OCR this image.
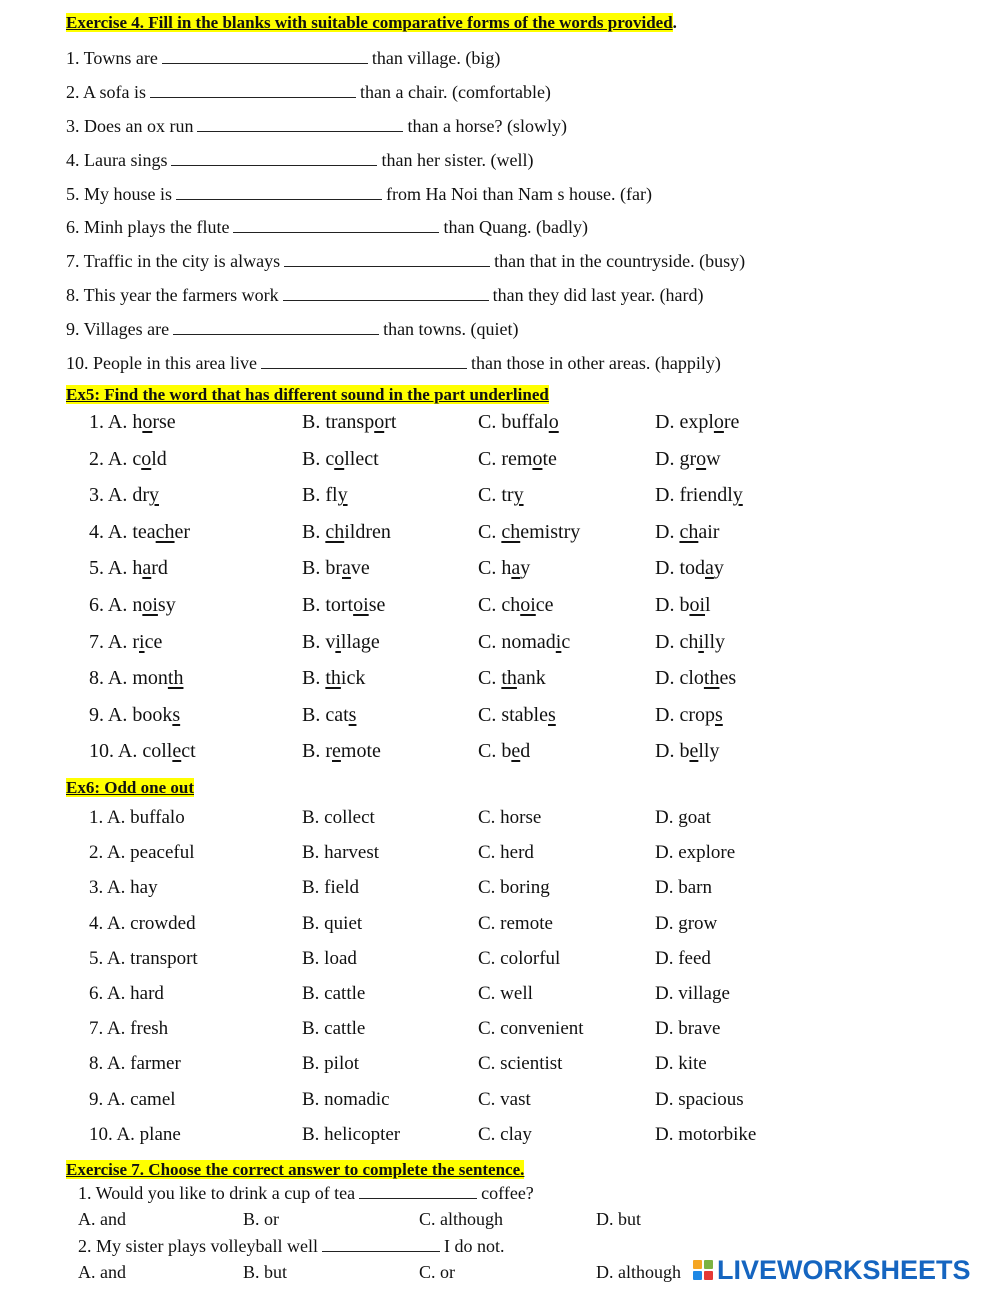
Exercise 4. Fill in the blanks with suitable comparative forms of the words provided.
1. Towns are	than village. (big)
2. A sofa is	than a chair. (comfortable)
3. Does an ox run	than a horse? (slowly)
4. Laura sings	than her sister. (well)
5. My house is	from Ha Noi than Nam s house. (far)
6. Minh plays the flute	than Quang. (badly)
7. Traffic in the city is always	than that in the countryside. (busy)
8. This year the farmers work	than they did last year. (hard)
9. Villages are	than towns. (quiet)
10. People in this area live	than those in other areas. (happily)
Ex5: Find the word that has different sound in the part underlined
1. A. horse	B. transport	C. buffalo	D. explore
2. A. cold	B. collect	C. remote	D. grow
3. A. dry	B. fly	C. try	D. friendly
4. A. teacher	B. children	C. chemistry	D. chair
5. A. hard	B. brave	C. hay	D. today
6. A. noisy	B. tortoise	C. choice	D. boil
7. A. rice	B. village	C. nomadic	D. chilly
8. A. month	B. thick	C. thank	D. clothes
9. A. books	B. cats	C. stables	D. crops
10. A. collect	B. remote	C. bed	D. belly
Ex6: Odd one out
1. A. buffalo	B. collect	C. horse	D. goat
2. A. peaceful	B. harvest	C. herd	D. explore
3. A. hay	B. field	C. boring	D. barn
4. A. crowded	B. quiet	C. remote	D. grow
5. A. transport	B. load	C. colorful	D. feed
6. A. hard	B. cattle	C. well	D. village
7. A. fresh	B. cattle	C. convenient	D. brave
8. A. farmer	B. pilot	C. scientist	D. kite
9. A. camel	B. nomadic	C. vast	D. spacious
10. A. plane	B. helicopter	C. clay	D. motorbike
Exercise 7. Choose the correct answer to complete the sentence.
1. Would you like to drink a cup of tea	coffee?
A. and	B. or	C. although	D. but
2. My sister plays volleyball well	I do not.
A. and	B. but	C. or	D. although LIVEWORKSHEETS
